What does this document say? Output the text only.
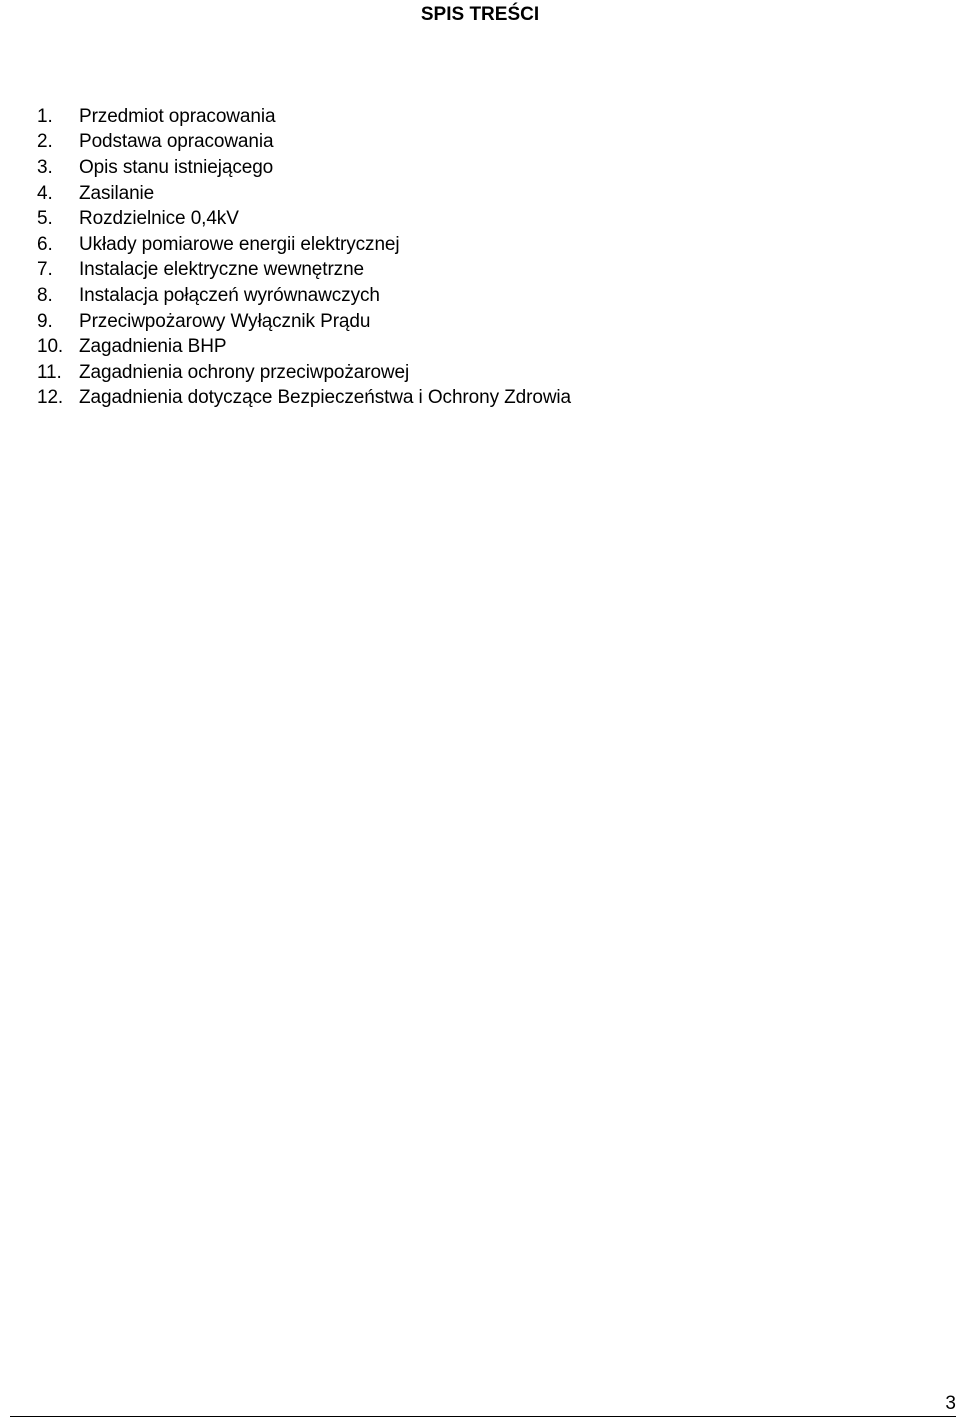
SPIS TREŚCI
1.	Przedmiot opracowania
2.	Podstawa opracowania
3.	Opis stanu istniejącego
4.	Zasilanie
5.	Rozdzielnice 0,4kV
6.	Układy pomiarowe energii elektrycznej
7.	Instalacje elektryczne wewnętrzne
8.	Instalacja połączeń wyrównawczych
9.	Przeciwpożarowy Wyłącznik Prądu
10. Zagadnienia BHP
11. Zagadnienia ochrony przeciwpożarowej
12. Zagadnienia dotyczące Bezpieczeństwa i Ochrony Zdrowia
3
